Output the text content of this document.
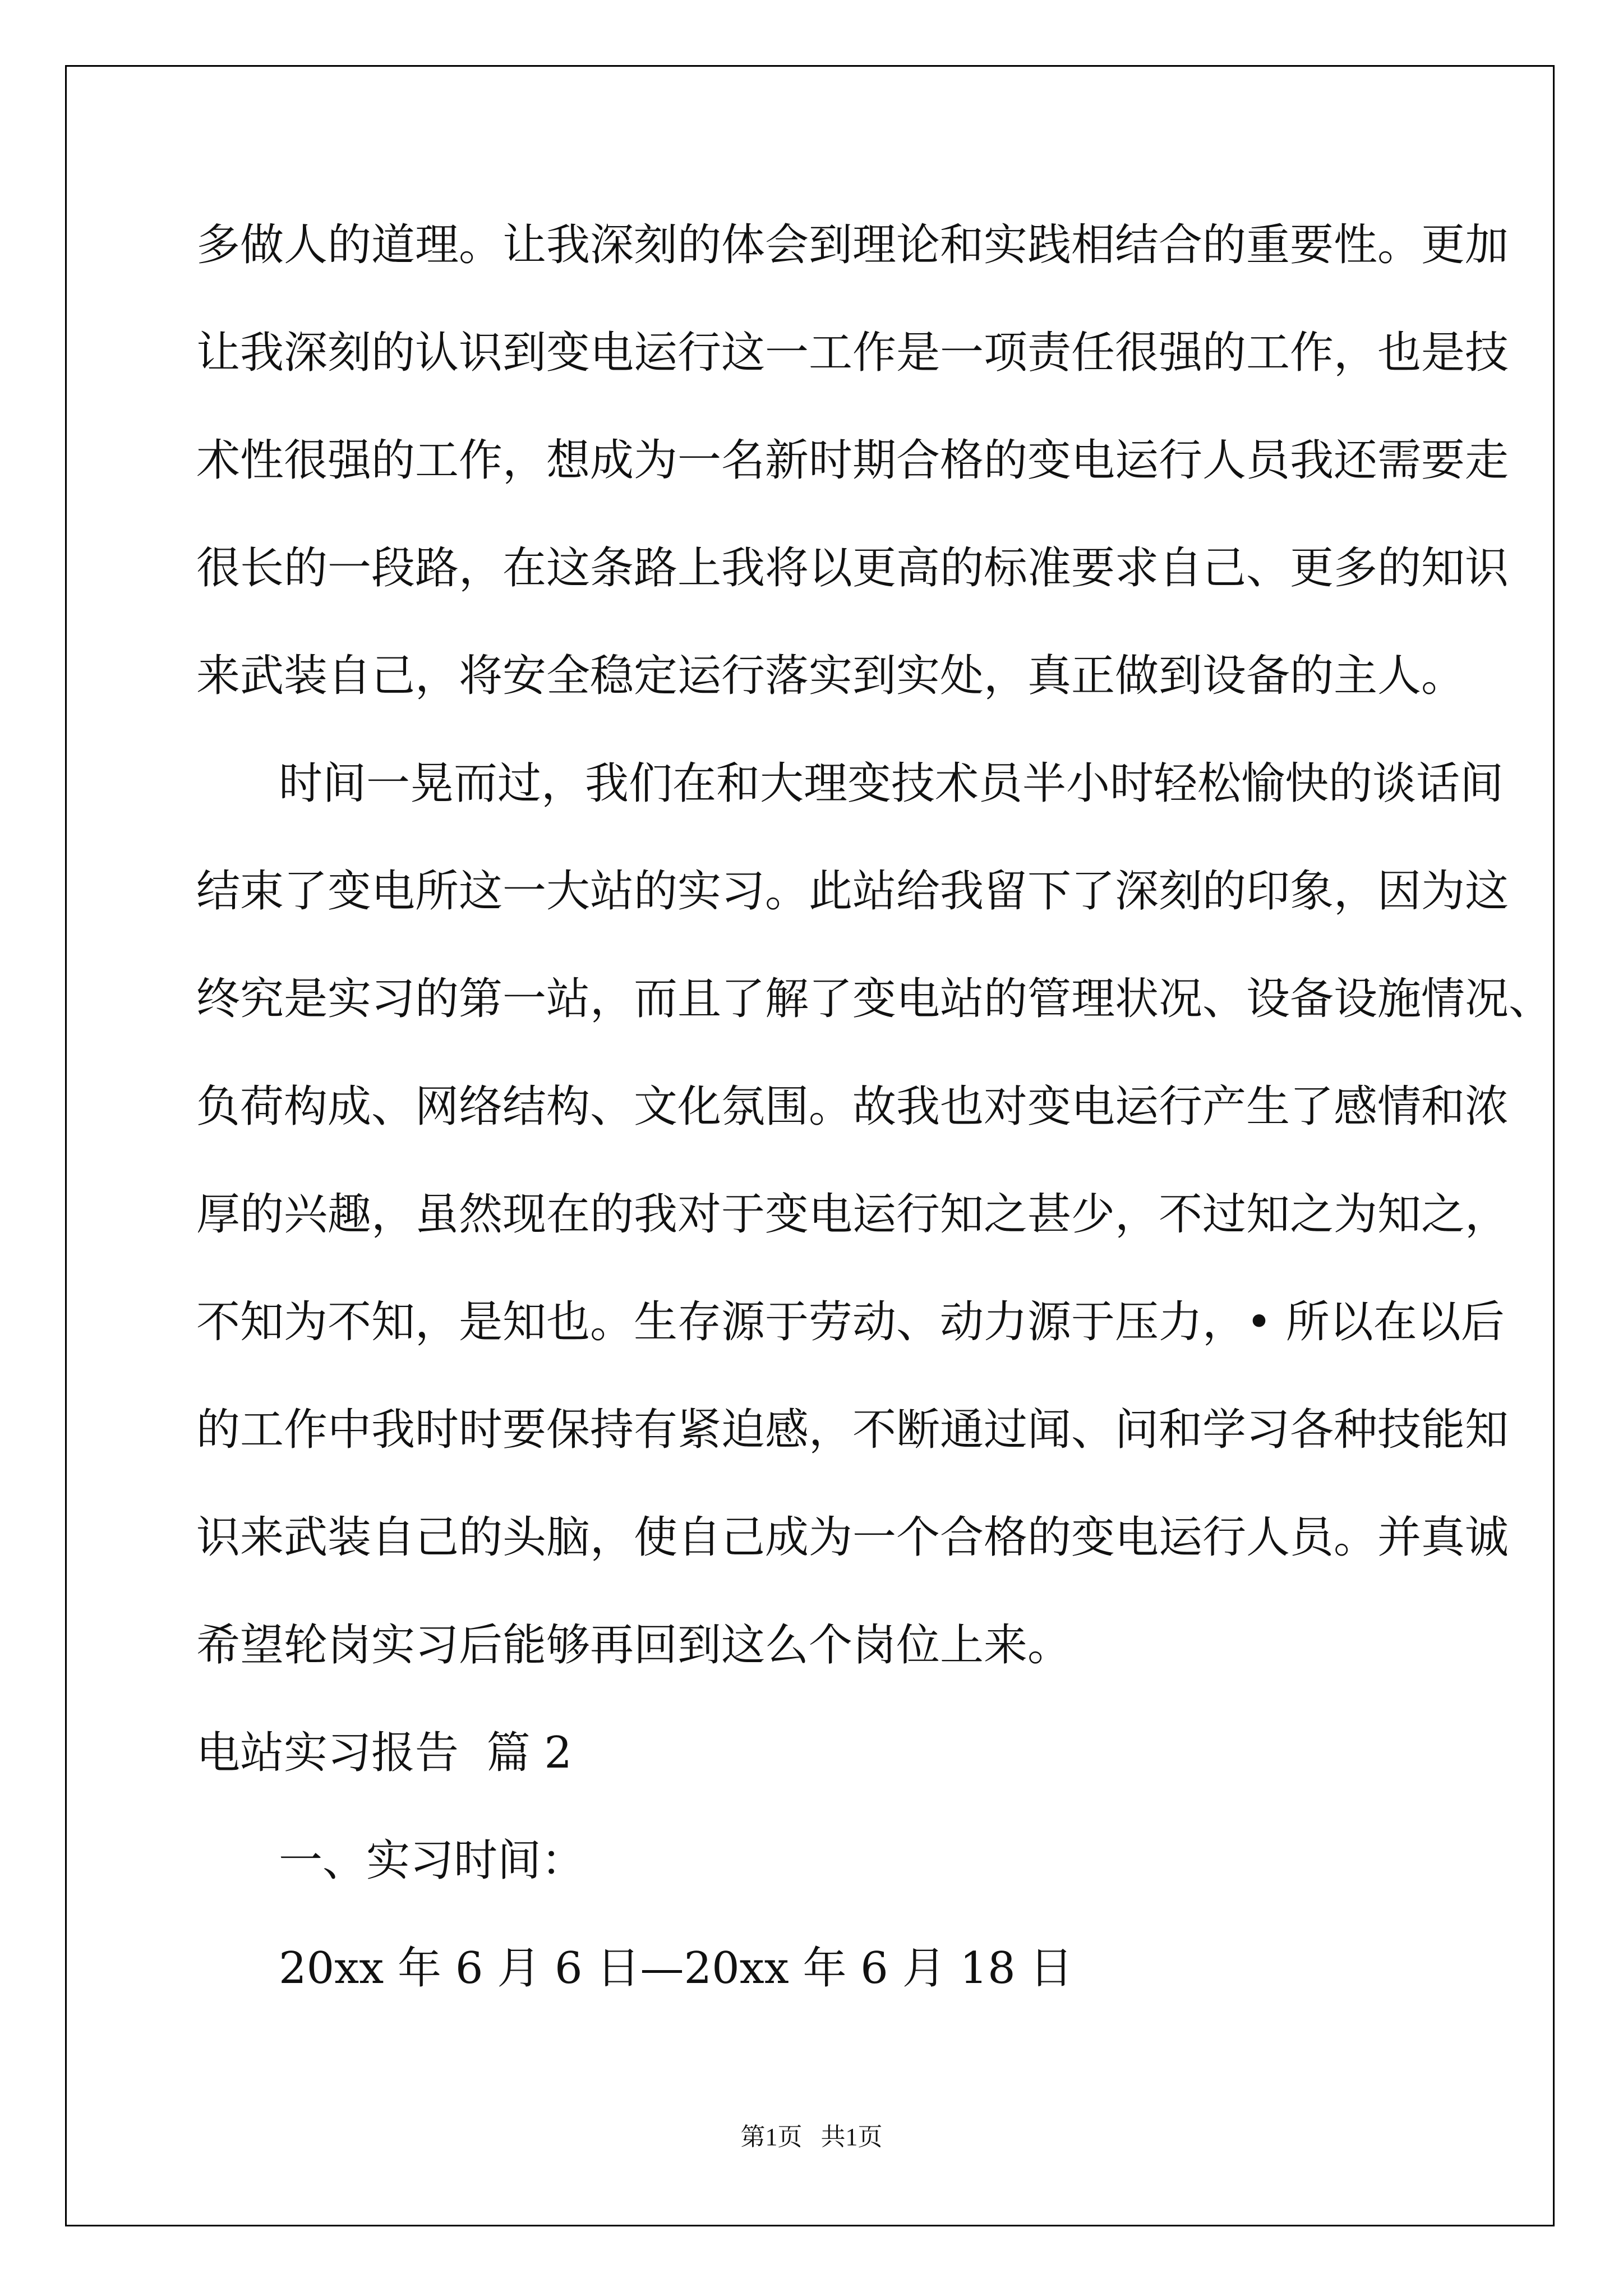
多做人的道理。让我深刻的体会到理论和实践相结合的重要性。更加

让我深刻的认识到变电运行这一工作是一项责任很强的工作，也是技

术性很强的工作，想成为一名新时期合格的变电运行人员我还需要走

很长的一段路，在这条路上我将以更高的标准要求自己、更多的知识

来武装自己，将安全稳定运行落实到实处，真正做到设备的主人。

时间一晃而过，我们在和大理变技术员半小时轻松愉快的谈话间

结束了变电所这一大站的实习。此站给我留下了深刻的印象，因为这

终究是实习的第一站，而且了解了变电站的管理状况、设备设施情况、

负荷构成、网络结构、文化氛围。故我也对变电运行产生了感情和浓

厚的兴趣，虽然现在的我对于变电运行知之甚少，不过知之为知之，

不知为不知，是知也。生存源于劳动、动力源于压力，• 所以在以后

的工作中我时时要保持有紧迫感，不断通过闻、问和学习各种技能知

识来武装自己的头脑，使自己成为一个合格的变电运行人员。并真诚

希望轮岗实习后能够再回到这么个岗位上来。

电站实习报告  篇 2

一、实习时间：

20xx 年 6 月 6 日—20xx 年 6 月 18 日

第1页   共1页
